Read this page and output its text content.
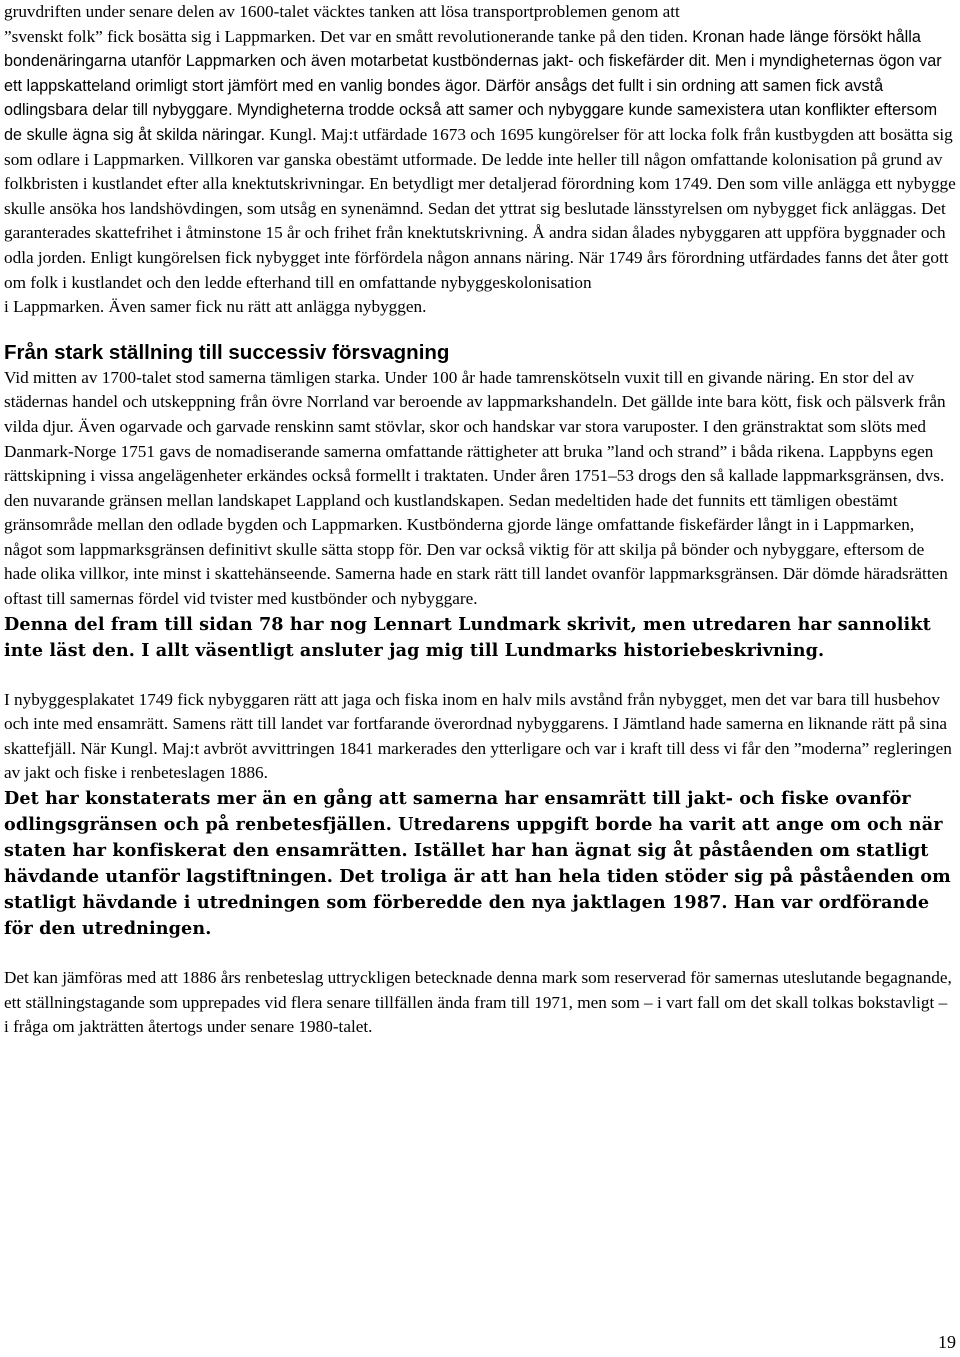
gruvdriften under senare delen av 1600-talet väcktes tanken att lösa transportproblemen genom att
”svenskt folk” fick bosätta sig i Lappmarken. Det var en smått revolutionerande tanke på den tiden. Kronan hade länge försökt hålla bondenäringarna utanför Lappmarken och även motarbetat kustböndernas jakt- och fiskefärder dit. Men i myndigheternas ögon var ett lappskatteland orimligt stort jämfört med en vanlig bondes ägor. Därför ansågs det fullt i sin ordning att samen fick avstå odlingsbara delar till nybyggare. Myndigheterna trodde också att samer och nybyggare kunde samexistera utan konflikter eftersom de skulle ägna sig åt skilda näringar. Kungl. Maj:t utfärdade 1673 och 1695 kungörelser för att locka folk från kustbygden att bosätta sig som odlare i Lappmarken. Villkoren var ganska obestämt utformade. De ledde inte heller till någon omfattande kolonisation på grund av folkbristen i kustlandet efter alla knektutskrivningar. En betydligt mer detaljerad förordning kom 1749. Den som ville anlägga ett nybygge skulle ansöka hos landshövdingen, som utsåg en synenämnd. Sedan det yttrat sig beslutade länsstyrelsen om nybygget fick anläggas. Det garanterades skattefrihet i åtminstone 15 år och frihet från knektutskrivning. Å andra sidan ålades nybyggaren att uppföra byggnader och odla jorden. Enligt kungörelsen fick nybygget inte förfördela någon annans näring. När 1749 års förordning utfärdades fanns det åter gott om folk i kustlandet och den ledde efterhand till en omfattande nybyggeskolonisation
i Lappmarken. Även samer fick nu rätt att anlägga nybyggen.

Från stark ställning till successiv försvagning

Vid mitten av 1700-talet stod samerna tämligen starka. Under 100 år hade tamrenskötseln vuxit till en givande näring. En stor del av städernas handel och utskeppning från övre Norrland var beroende av lappmarkshandeln. Det gällde inte bara kött, fisk och pälsverk från vilda djur. Även ogarvade och garvade renskinn samt stövlar, skor och handskar var stora varuposter. I den gränstraktat som slöts med Danmark-Norge 1751 gavs de nomadiserande samerna omfattande rättigheter att bruka ”land och strand” i båda rikena. Lappbyns egen rättskipning i vissa angelägenheter erkändes också formellt i traktaten. Under åren 1751–53 drogs den så kallade lappmarksgränsen, dvs. den nuvarande gränsen mellan landskapet Lappland och kustlandskapen. Sedan medeltiden hade det funnits ett tämligen obestämt gränsområde mellan den odlade bygden och Lappmarken. Kustbönderna gjorde länge omfattande fiskefärder långt in i Lappmarken, något som lappmarksgränsen definitivt skulle sätta stopp för. Den var också viktig för att skilja på bönder och nybyggare, eftersom de hade olika villkor, inte minst i skattehänseende. Samerna hade en stark rätt till landet ovanför lappmarksgränsen. Där dömde häradsrätten oftast till samernas fördel vid tvister med kustbönder och nybyggare.

Denna del fram till sidan 78 har nog Lennart Lundmark skrivit, men utredaren har sannolikt inte läst den. I allt väsentligt ansluter jag mig till Lundmarks historiebeskrivning.

I nybyggesplakatet 1749 fick nybyggaren rätt att jaga och fiska inom en halv mils avstånd från nybygget, men det var bara till husbehov och inte med ensamrätt. Samens rätt till landet var fortfarande överordnad nybyggarens. I Jämtland hade samerna en liknande rätt på sina skattefjäll. När Kungl. Maj:t avbröt avvittringen 1841 markerades den ytterligare och var i kraft till dess vi får den ”moderna” regleringen av jakt och fiske i renbeteslagen 1886.

Det har konstaterats mer än en gång att samerna har ensamrätt till jakt- och fiske ovanför odlingsgränsen och på renbetesfjällen. Utredarens uppgift borde ha varit att ange om och när staten har konfiskerat den ensamrätten. Istället har han ägnat sig åt påståenden om statligt hävdande utanför lagstiftningen. Det troliga är att han hela tiden stöder sig på påståenden om statligt hävdande i utredningen som förberedde den nya jaktlagen 1987. Han var ordförande för den utredningen.

Det kan jämföras med att 1886 års renbeteslag uttryckligen betecknade denna mark som reserverad för samernas uteslutande begagnande, ett ställningstagande som upprepades vid flera senare tillfällen ända fram till 1971, men som – i vart fall om det skall tolkas bokstavligt – i fråga om jakträtten återtogs under senare 1980-talet.

19
